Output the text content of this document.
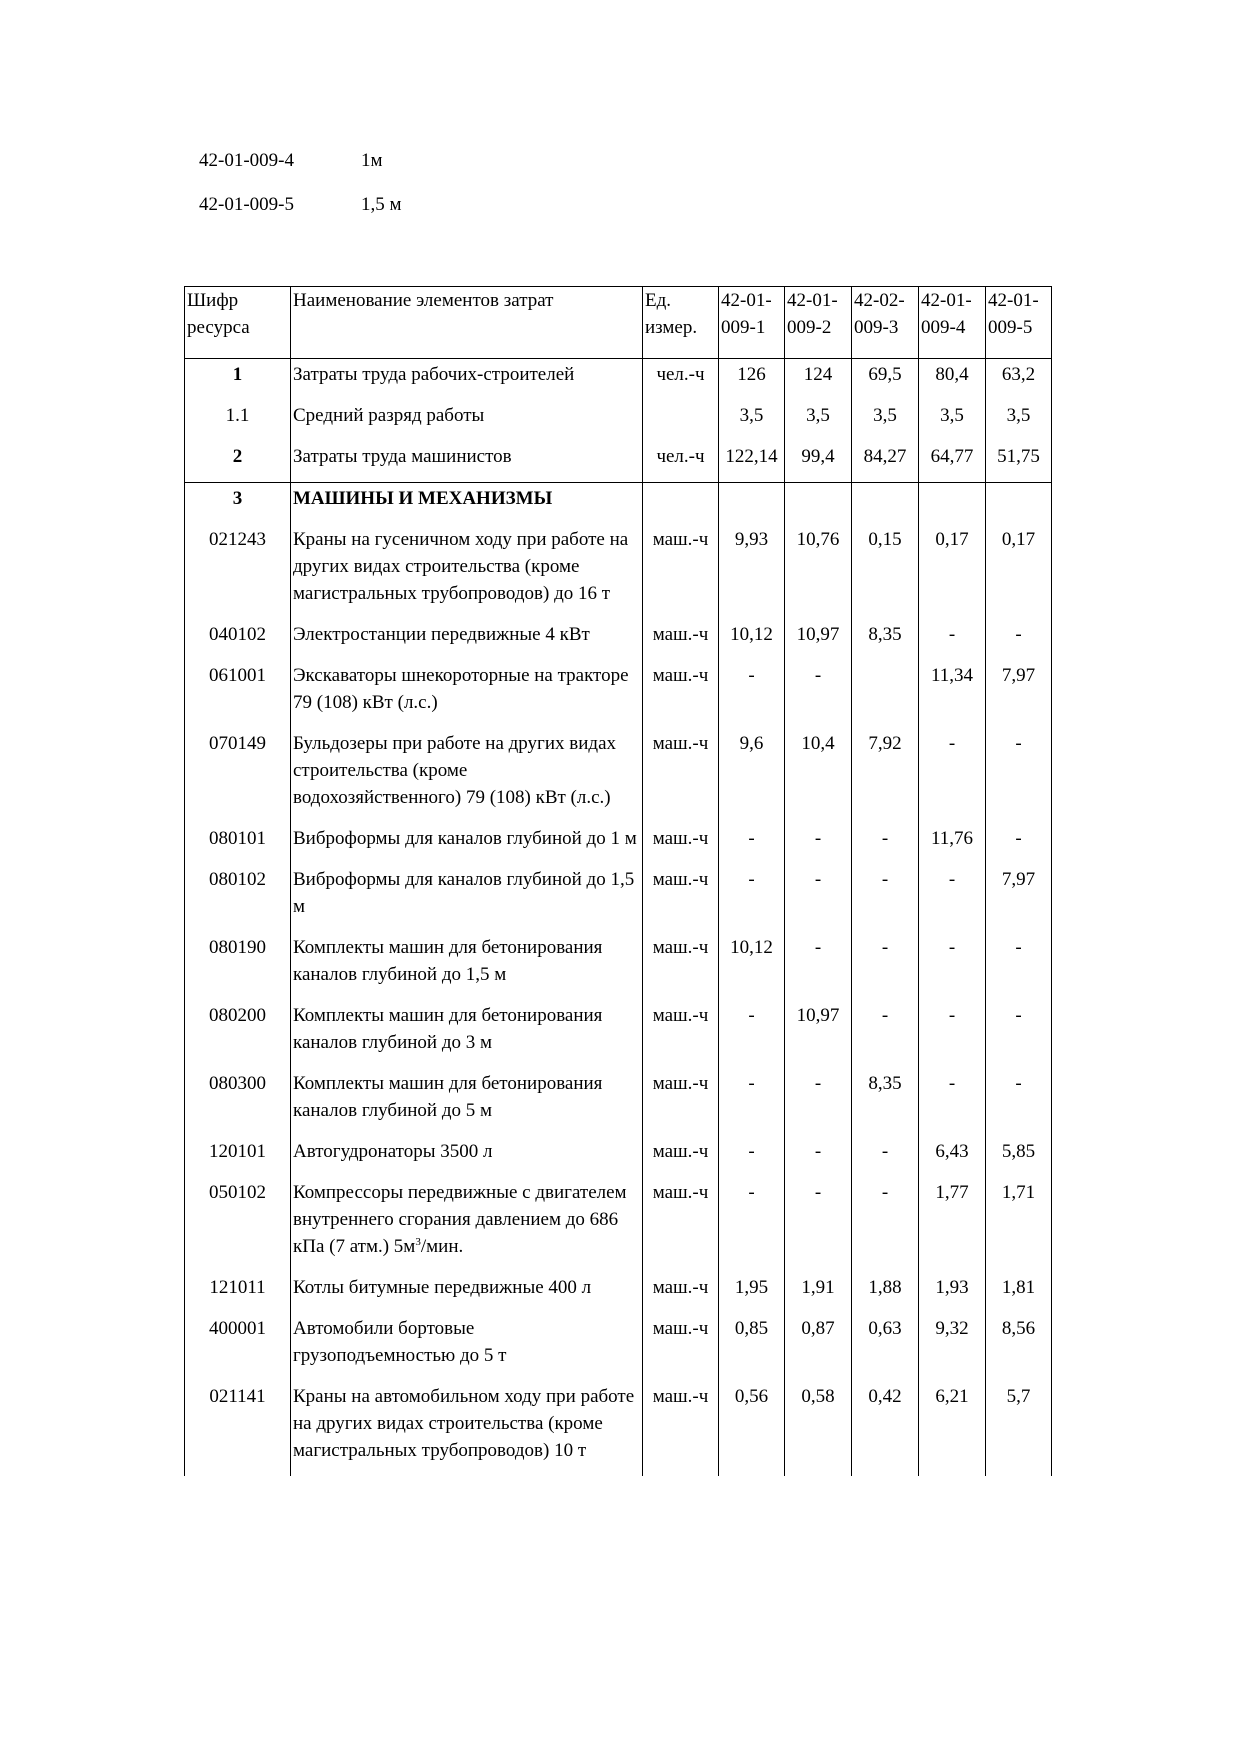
42-01-009-4	1м
42-01-009-5	1,5 м
Шифр ресурса	Наименование элементов затрат	Ед. измер.	42-01-009-1	42-01-009-2	42-02-009-3	42-01-009-4	42-01-009-5
1	Затраты труда рабочих-строителей	чел.-ч	126	124	69,5	80,4	63,2
1.1	Средний разряд работы		3,5	3,5	3,5	3,5	3,5
2	Затраты труда машинистов	чел.-ч	122,14	99,4	84,27	64,77	51,75
3	МАШИНЫ И МЕХАНИЗМЫ						
021243	Краны на гусеничном ходу при работе на других видах строительства (кроме магистральных трубопроводов) до 16 т	маш.-ч	9,93	10,76	0,15	0,17	0,17
040102	Электростанции передвижные 4 кВт	маш.-ч	10,12	10,97	8,35	-	-
061001	Экскаваторы шнекороторные на тракторе 79 (108) кВт (л.с.)	маш.-ч	-	-		11,34	7,97
070149	Бульдозеры при работе на других видах строительства (кроме водохозяйственного) 79 (108) кВт (л.с.)	маш.-ч	9,6	10,4	7,92	-	-
080101	Виброформы для каналов глубиной до 1 м	маш.-ч	-	-	-	11,76	-
080102	Виброформы для каналов глубиной до 1,5 м	маш.-ч	-	-	-	-	7,97
080190	Комплекты машин для бетонирования каналов глубиной до 1,5 м	маш.-ч	10,12	-	-	-	-
080200	Комплекты машин для бетонирования каналов глубиной до 3 м	маш.-ч	-	10,97	-	-	-
080300	Комплекты машин для бетонирования каналов глубиной до 5 м	маш.-ч	-	-	8,35	-	-
120101	Автогудронаторы 3500 л	маш.-ч	-	-	-	6,43	5,85
050102	Компрессоры передвижные с двигателем внутреннего сгорания давлением до 686 кПа (7 атм.) $5м^3$/мин.	маш.-ч	-	-	-	1,77	1,71
121011	Котлы битумные передвижные 400 л	маш.-ч	1,95	1,91	1,88	1,93	1,81
400001	Автомобили бортовые грузоподъемностью до 5 т	маш.-ч	0,85	0,87	0,63	9,32	8,56
021141	Краны на автомобильном ходу при работе на других видах строительства (кроме магистральных трубопроводов) 10 т	маш.-ч	0,56	0,58	0,42	6,21	5,7
